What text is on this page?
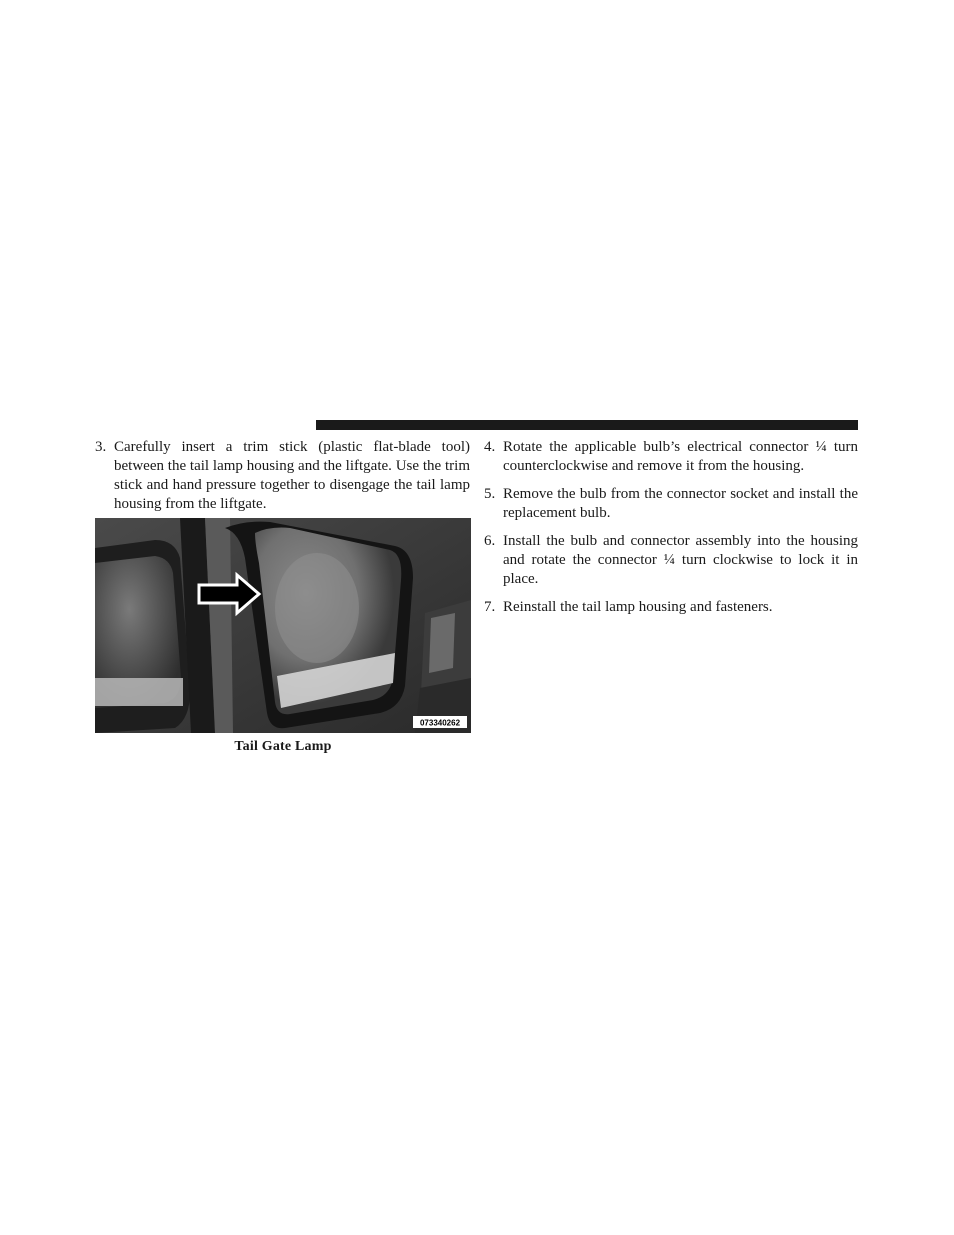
3. Carefully insert a trim stick (plastic flat-blade tool) between the tail lamp housing and the liftgate. Use the trim stick and hand pressure together to disengage the tail lamp housing from the liftgate.
073340262
Tail Gate Lamp
4. Rotate the applicable bulb’s electrical connector ¼ turn counterclockwise and remove it from the housing.
5. Remove the bulb from the connector socket and install the replacement bulb.
6. Install the bulb and connector assembly into the housing and rotate the connector ¼ turn clockwise to lock it in place.
7. Reinstall the tail lamp housing and fasteners.
